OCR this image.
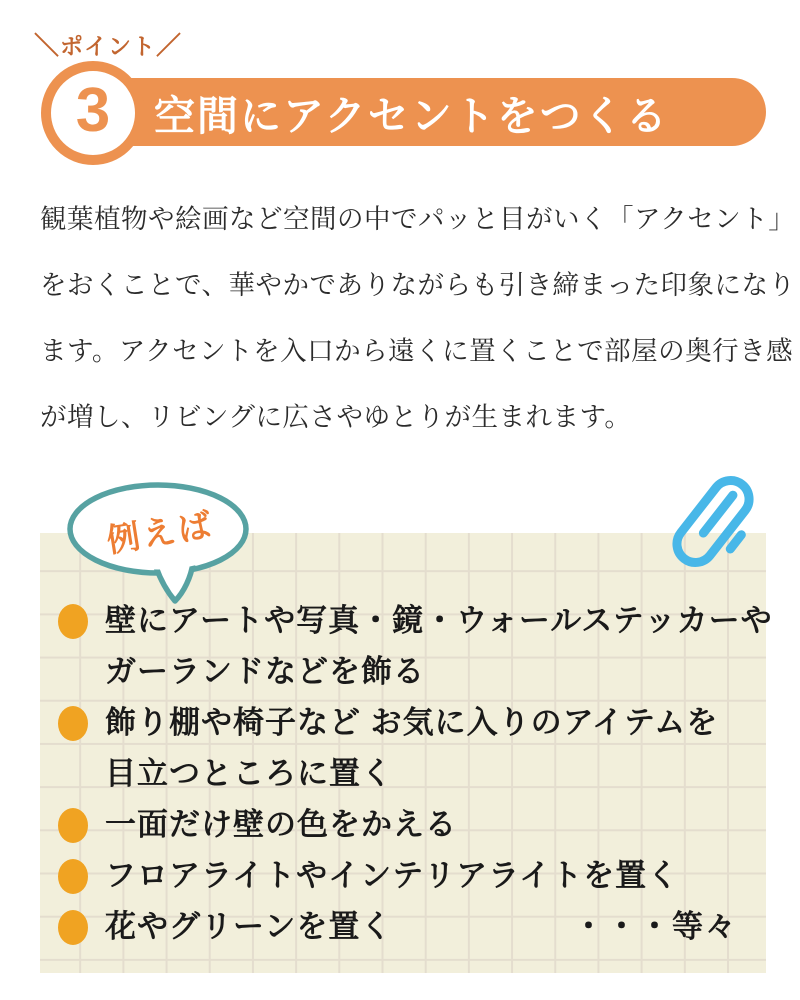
＼ポイント／
3	空間にアクセントをつくる
観葉植物や絵画など空間の中でパッと目がいく「アクセント」
をおくことで、華やかでありながらも引き締まった印象になり
ます。アクセントを入口から遠くに置くことで部屋の奥行き感
が増し、リビングに広さやゆとりが生まれます。
壁にアートや写真・鏡・ウォールステッカーや
ガーランドなどを飾る
飾り棚や椅子など お気に入りのアイテムを
目立つところに置く
一面だけ壁の色をかえる
フロアライトやインテリアライトを置く
花やグリーンを置く	・・・等々
例えば
